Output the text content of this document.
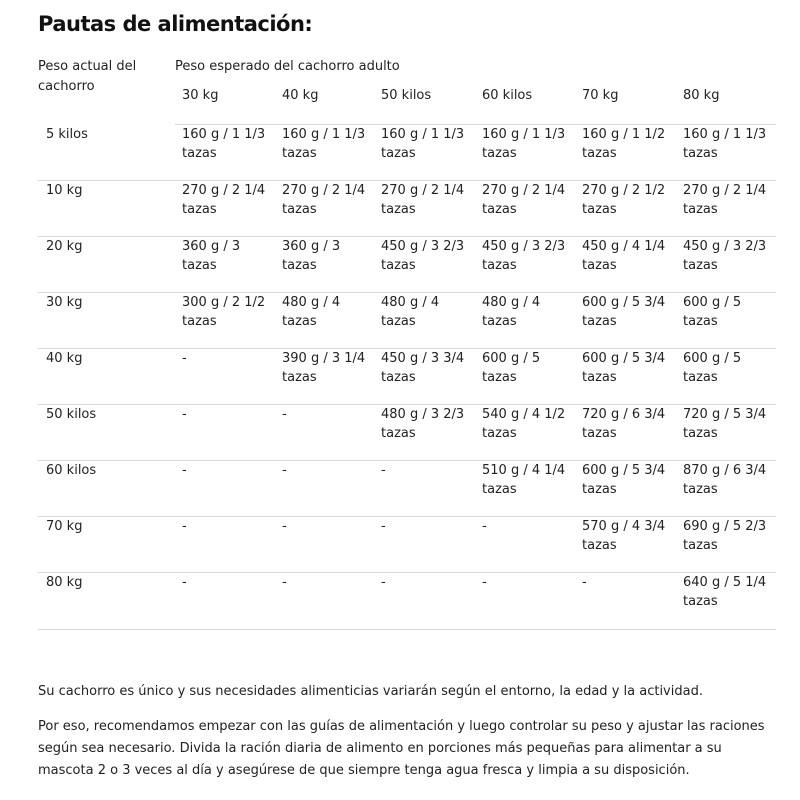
Pautas de alimentación:
Peso actual del cachorro	Peso esperado del cachorro adulto					
	30 kg	40 kg	50 kilos	60 kilos	70 kg	80 kg
5 kilos	160 g / 1 1/3 tazas	160 g / 1 1/3 tazas	160 g / 1 1/3 tazas	160 g / 1 1/3 tazas	160 g / 1 1/2 tazas	160 g / 1 1/3 tazas
10 kg	270 g / 2 1/4 tazas	270 g / 2 1/4 tazas	270 g / 2 1/4 tazas	270 g / 2 1/4 tazas	270 g / 2 1/2 tazas	270 g / 2 1/4 tazas
20 kg	360 g / 3 tazas	360 g / 3 tazas	450 g / 3 2/3 tazas	450 g / 3 2/3 tazas	450 g / 4 1/4 tazas	450 g / 3 2/3 tazas
30 kg	300 g / 2 1/2 tazas	480 g / 4 tazas	480 g / 4 tazas	480 g / 4 tazas	600 g / 5 3/4 tazas	600 g / 5 tazas
40 kg	-	390 g / 3 1/4 tazas	450 g / 3 3/4 tazas	600 g / 5 tazas	600 g / 5 3/4 tazas	600 g / 5 tazas
50 kilos	-	-	480 g / 3 2/3 tazas	540 g / 4 1/2 tazas	720 g / 6 3/4 tazas	720 g / 5 3/4 tazas
60 kilos	-	-	-	510 g / 4 1/4 tazas	600 g / 5 3/4 tazas	870 g / 6 3/4 tazas
70 kg	-	-	-	-	570 g / 4 3/4 tazas	690 g / 5 2/3 tazas
80 kg	-	-	-	-	-	640 g / 5 1/4 tazas

Su cachorro es único y sus necesidades alimenticias variarán según el entorno, la edad y la actividad.

Por eso, recomendamos empezar con las guías de alimentación y luego controlar su peso y ajustar las raciones según sea necesario. Divida la ración diaria de alimento en porciones más pequeñas para alimentar a su mascota 2 o 3 veces al día y asegúrese de que siempre tenga agua fresca y limpia a su disposición.
